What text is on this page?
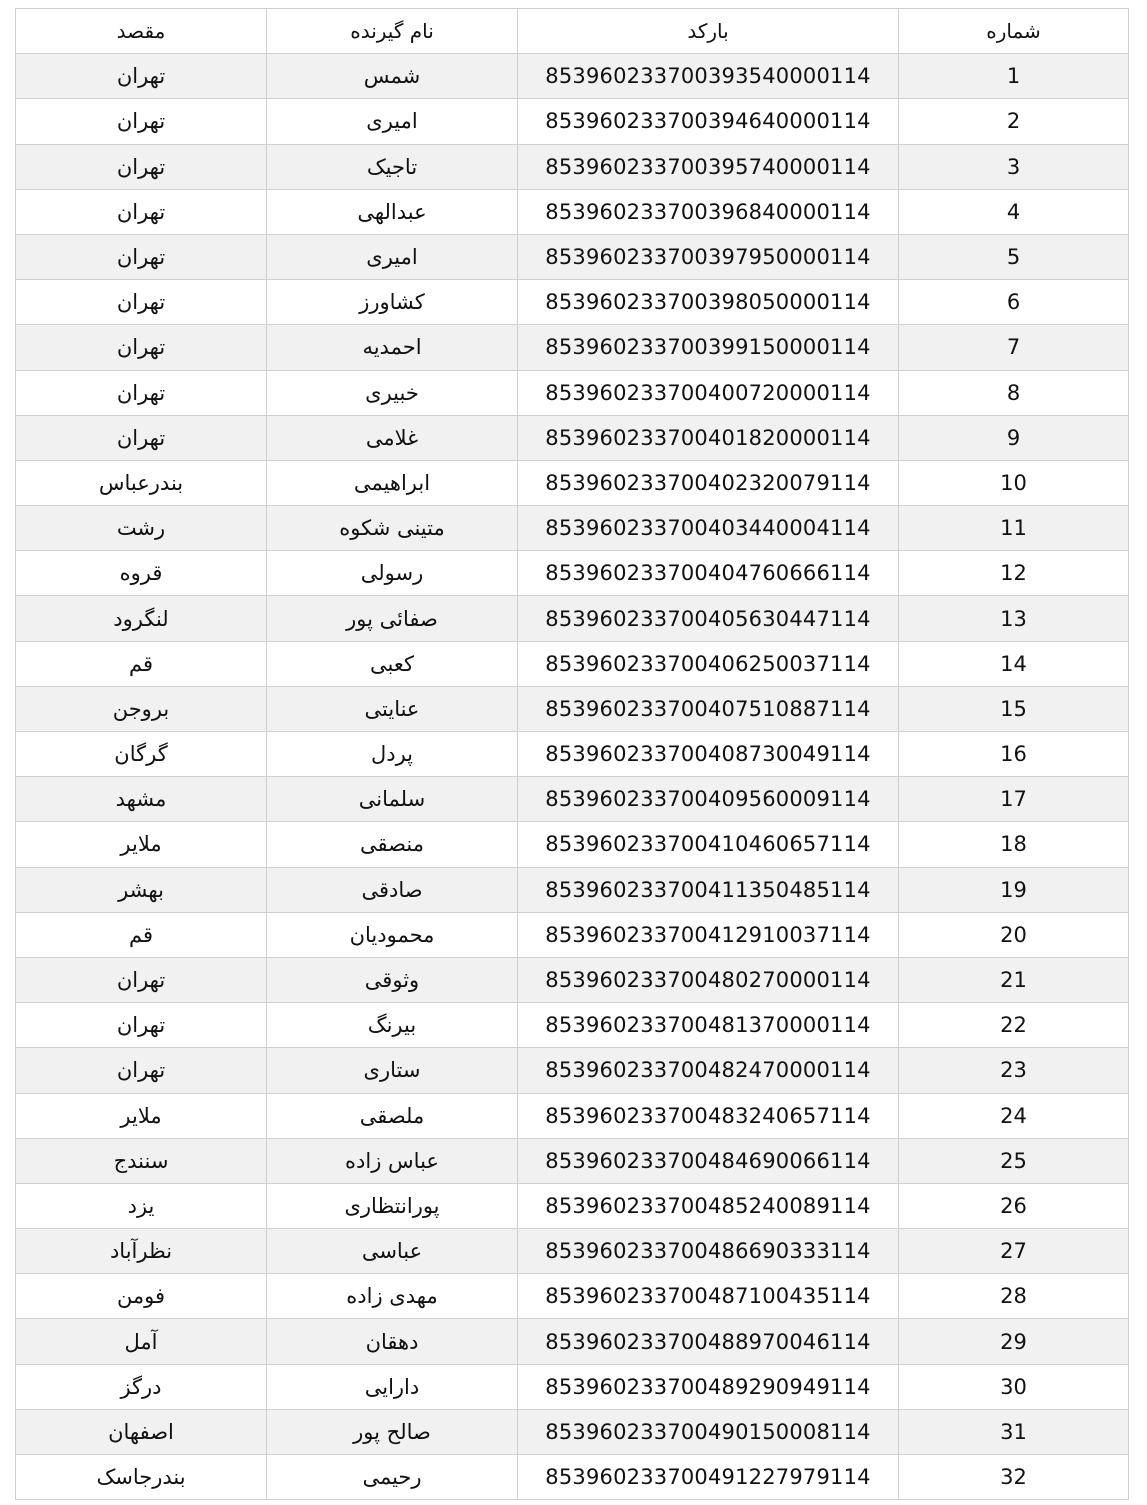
شماره	بارکد	نام گیرنده	مقصد
1	853960233700393540000114	شمس	تهران
2	853960233700394640000114	امیری	تهران
3	853960233700395740000114	تاجیک	تهران
4	853960233700396840000114	عبدالهی	تهران
5	853960233700397950000114	امیری	تهران
6	853960233700398050000114	کشاورز	تهران
7	853960233700399150000114	احمدیه	تهران
8	853960233700400720000114	خبیری	تهران
9	853960233700401820000114	غلامی	تهران
10	853960233700402320079114	ابراهیمی	بندرعباس
11	853960233700403440004114	متینی شکوه	رشت
12	853960233700404760666114	رسولی	قروه
13	853960233700405630447114	صفائی پور	لنگرود
14	853960233700406250037114	کعبی	قم
15	853960233700407510887114	عنایتی	بروجن
16	853960233700408730049114	پردل	گرگان
17	853960233700409560009114	سلمانی	مشهد
18	853960233700410460657114	منصقی	ملایر
19	853960233700411350485114	صادقی	بهشر
20	853960233700412910037114	محمودیان	قم
21	853960233700480270000114	وثوقی	تهران
22	853960233700481370000114	بیرنگ	تهران
23	853960233700482470000114	ستاری	تهران
24	853960233700483240657114	ملصقی	ملایر
25	853960233700484690066114	عباس زاده	سنندج
26	853960233700485240089114	پورانتظاری	یزد
27	853960233700486690333114	عباسی	نظرآباد
28	853960233700487100435114	مهدی زاده	فومن
29	853960233700488970046114	دهقان	آمل
30	853960233700489290949114	دارایی	درگز
31	853960233700490150008114	صالح پور	اصفهان
32	853960233700491227979114	رحیمی	بندرجاسک
